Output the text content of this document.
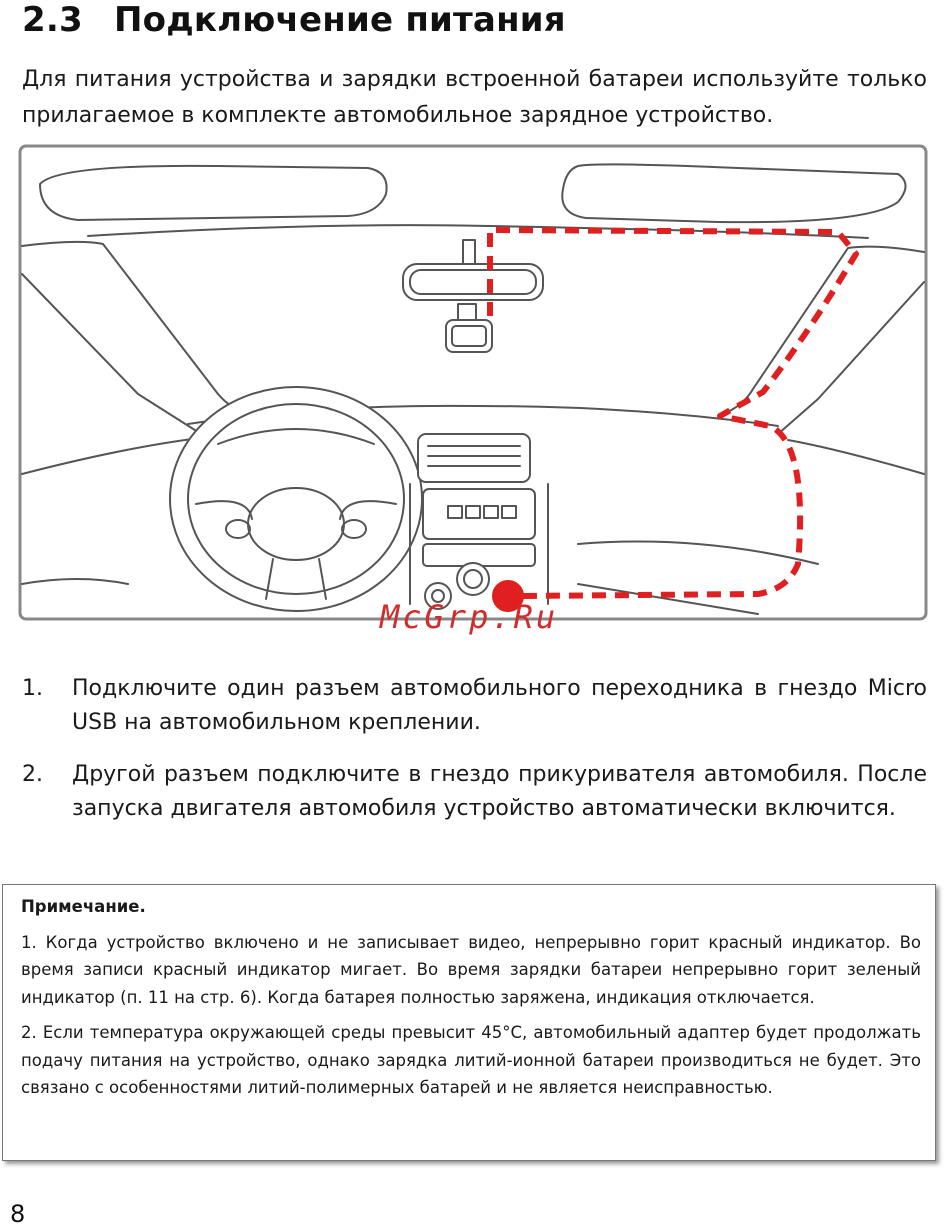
2.3 Подключение питания

Для питания устройства и зарядки встроенной батареи используйте только прилагаемое в комплекте автомобильное зарядное устройство.

McGrp.Ru
1.	Подключите один разъем автомобильного переходника в гнездо Micro USB на автомобильном креплении.
2.	Другой разъем подключите в гнездо прикуривателя автомобиля. После запуска двигателя автомобиля устройство автоматически включится.

Примечание.

1. Когда устройство включено и не записывает видео, непрерывно горит красный индикатор. Во время записи красный индикатор мигает. Во время зарядки батареи непрерывно горит зеленый индикатор (п. 11 на стр. 6). Когда батарея полностью заряжена, индикация отключается.

2. Если температура окружающей среды превысит 45°C, автомобильный адаптер будет продолжать подачу питания на устройство, однако зарядка литий-ионной батареи производиться не будет. Это связано с особенностями литий-полимерных батарей и не является неисправностью.

8
